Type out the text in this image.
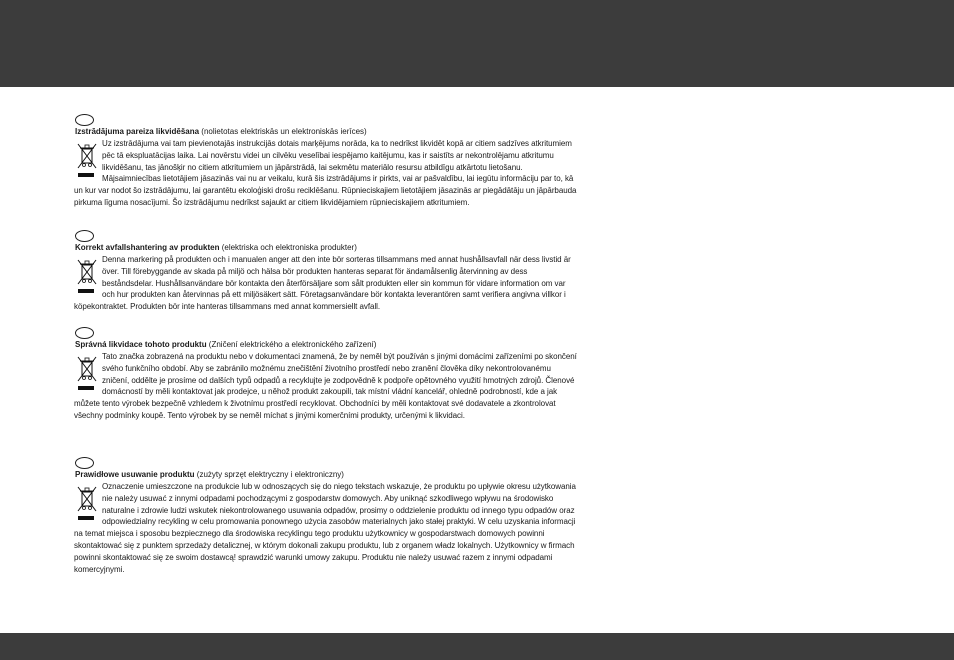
Izstrādājuma pareiza likvidēšana (nolietotas elektriskās un elektroniskās ierīces)
Uz izstrādājuma vai tam pievienotajās instrukcijās dotais marķējums norāda, ka to nedrīkst likvidēt kopā ar citiem sadzīves atkritumiem pēc tā ekspluatācijas laika. Lai novērstu videi un cilvēku veselībai iespējamo kaitējumu, kas ir saistīts ar nekontrolējamu atkritumu likvidēšanu, tas jānošķir no citiem atkritumiem un jāpārstrādā, lai sekmētu materiālo resursu atbildīgu atkārtotu lietošanu. Mājsaimniecības lietotājiem jāsazinās vai nu ar veikalu, kurā šis izstrādājums ir pirkts, vai ar pašvaldību, lai iegūtu informāciju par to, kā un kur var nodot šo izstrādājumu, lai garantētu ekoloģiski drošu reciklēšanu. Rūpnieciskajiem lietotājiem jāsazinās ar piegādātāju un jāpārbauda pirkuma līguma nosacījumi. Šo izstrādājumu nedrīkst sajaukt ar citiem likvidējamiem rūpnieciskajiem atkritumiem.
Korrekt avfallshantering av produkten (elektriska och elektroniska produkter)
Denna markering på produkten och i manualen anger att den inte bör sorteras tillsammans med annat hushållsavfall när dess livstid är över. Till förebyggande av skada på miljö och hälsa bör produkten hanteras separat för ändamålsenlig återvinning av dess beståndsdelar. Hushållsanvändare bör kontakta den återförsäljare som sålt produkten eller sin kommun för vidare information om var och hur produkten kan återvinnas på ett miljösäkert sätt. Företagsanvändare bör kontakta leverantören samt verifiera angivna villkor i köpekontraktet. Produkten bör inte hanteras tillsammans med annat kommersiellt avfall.
Správná likvidace tohoto produktu (Zničení elektrického a elektronického zařízení)
Tato značka zobrazená na produktu nebo v dokumentaci znamená, že by neměl být používán s jinými domácími zařízeními po skončení svého funkčního období. Aby se zabránilo možnému znečištění životního prostředí nebo zranění člověka díky nekontrolovanému zničení, oddělte je prosíme od dalších typů odpadů a recyklujte je zodpovědně k podpoře opětovného využití hmotných zdrojů. Členové domácností by měli kontaktovat jak prodejce, u něhož produkt zakoupili, tak místní vládní kancelář, ohledně podrobností, kde a jak můžete tento výrobek bezpečně vzhledem k životnímu prostředí recyklovat. Obchodníci by měli kontaktovat své dodavatele a zkontrolovat všechny podmínky koupě. Tento výrobek by se neměl míchat s jinými komerčními produkty, určenými k likvidaci.
Prawidłowe usuwanie produktu (zużyty sprzęt elektryczny i elektroniczny)
Oznaczenie umieszczone na produkcie lub w odnoszących się do niego tekstach wskazuje, że produktu po upływie okresu użytkowania nie należy usuwać z innymi odpadami pochodzącymi z gospodarstw domowych. Aby uniknąć szkodliwego wpływu na środowisko naturalne i zdrowie ludzi wskutek niekontrolowanego usuwania odpadów, prosimy o oddzielenie produktu od innego typu odpadów oraz odpowiedzialny recykling w celu promowania ponownego użycia zasobów materialnych jako stałej praktyki. W celu uzyskania informacji na temat miejsca i sposobu bezpiecznego dla środowiska recyklingu tego produktu użytkownicy w gospodarstwach domowych powinni skontaktować się z punktem sprzedaży detalicznej, w którym dokonali zakupu produktu, lub z organem władz lokalnych. Użytkownicy w firmach powinni skontaktować się ze swoim dostawcą! sprawdzić warunki umowy zakupu. Produktu nie należy usuwać razem z innymi odpadami komercyjnymi.
